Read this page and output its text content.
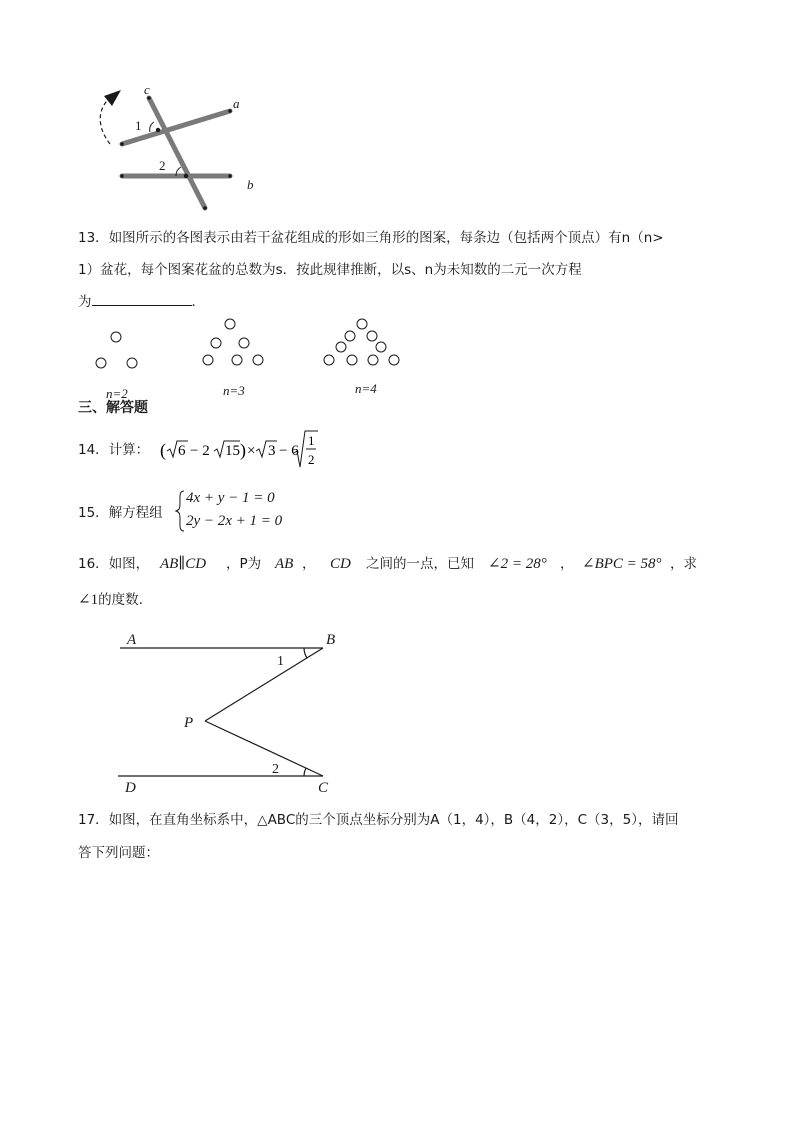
c
a
b
1
2
13．如图所示的各图表示由若干盆花组成的形如三角形的图案，每条边（包括两个顶点）有n（n>
1）盆花，每个图案花盆的总数为s．按此规律推断，以s、n为未知数的二元一次方程
为	．
n=2	n=3	n=4
三、解答题
14．计算： ( 6 − 2 15 ) × 3 − 6
1
2
15．解方程组
4x + y − 1 = 0
2y − 2x + 1 = 0
16．如图， AB∥CD ，P为 AB ， CD 之间的一点，已知 ∠2 = 28° ， ∠BPC = 58° ，求
∠1的度数.
A	B
P
D	C
1
2
17．如图，在直角坐标系中，△ABC的三个顶点坐标分别为A（1，4），B（4，2），C（3，5），请回
答下列问题：
